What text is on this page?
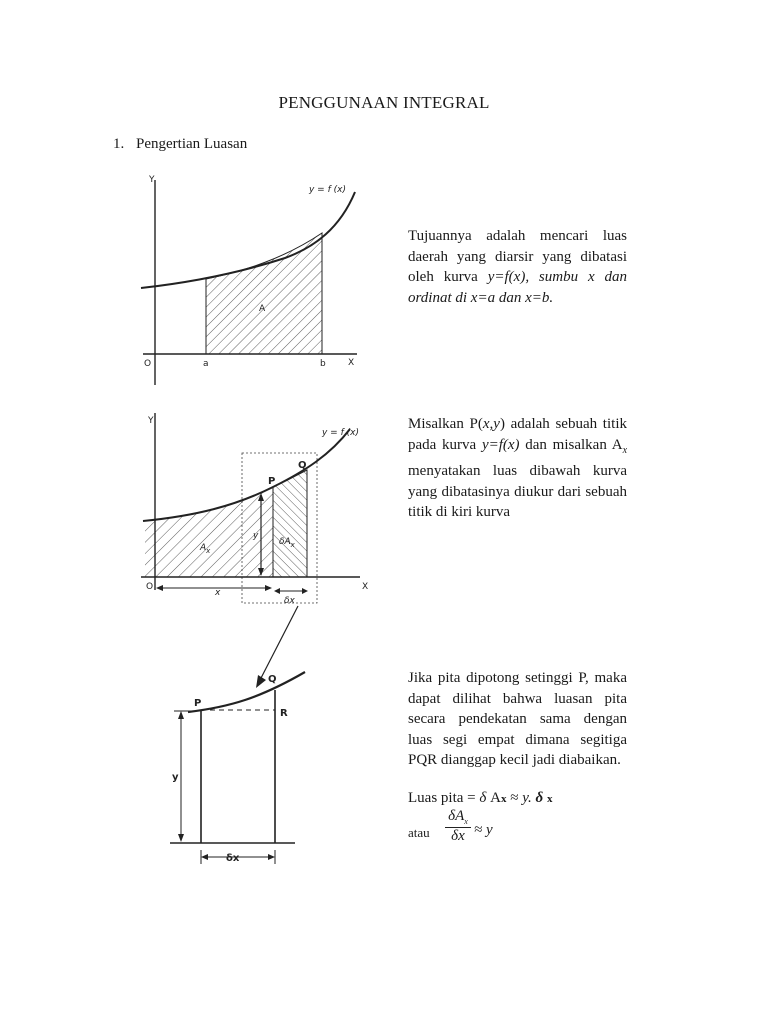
PENGGUNAAN INTEGRAL
1. Pengertian Luasan
Y
X
O	a	b
y = f (x)
A
Tujuannya adalah mencari luas daerah yang diarsir yang dibatasi oleh kurva y=f(x), sumbu x dan ordinat di x=a dan x=b.
Y
X
O
y = f (x)
P
Q
$A_x$
$\delta A_x$
y
x
δx
Misalkan P(x,y) adalah sebuah titik pada kurva y=f(x) dan misalkan $A_x$ menyatakan luas dibawah kurva yang dibatasinya diukur dari sebuah titik di kiri kurva
P
Q
R
y
δx
Jika pita dipotong setinggi P, maka dapat dilihat bahwa luasan pita secara pendekatan sama dengan luas segi empat dimana segitiga PQR dianggap kecil jadi diabaikan.
Luas pita = δ Ax ≈ y. δ x
atau
$\delta A_x$
δx ≈ y
